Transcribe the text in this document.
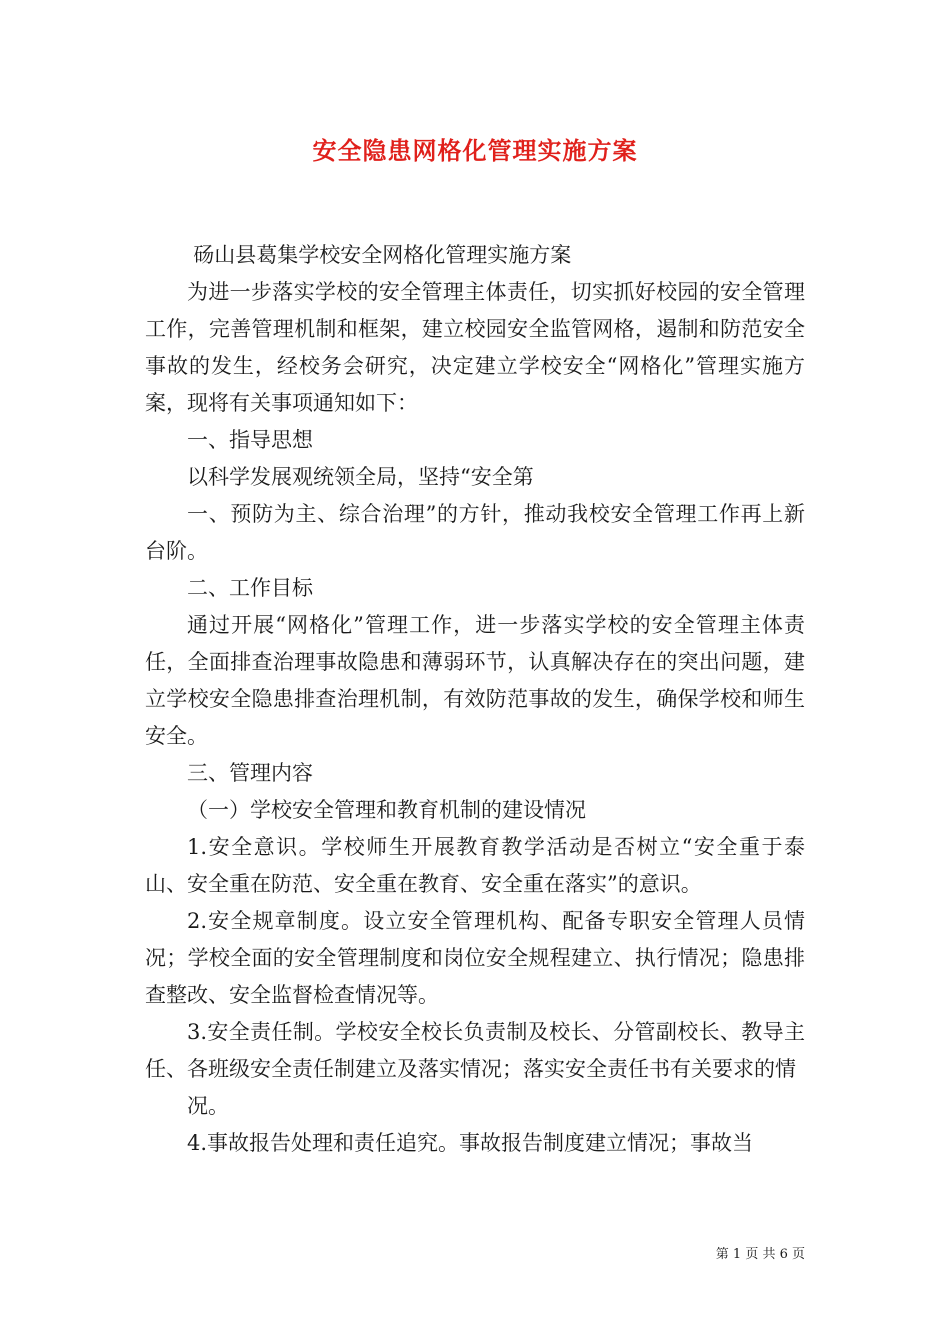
安全隐患网格化管理实施方案

砀山县葛集学校安全网格化管理实施方案

为进一步落实学校的安全管理主体责任，切实抓好校园的安全管理工作，完善管理机制和框架，建立校园安全监管网格，遏制和防范安全事故的发生，经校务会研究，决定建立学校安全“网格化”管理实施方案，现将有关事项通知如下：

一、指导思想

以科学发展观统领全局，坚持“安全第

一、预防为主、综合治理”的方针，推动我校安全管理工作再上新台阶。

二、工作目标

通过开展“网格化”管理工作，进一步落实学校的安全管理主体责任，全面排查治理事故隐患和薄弱环节，认真解决存在的突出问题，建立学校安全隐患排查治理机制，有效防范事故的发生，确保学校和师生安全。

三、管理内容

（一）学校安全管理和教育机制的建设情况

1.安全意识。学校师生开展教育教学活动是否树立“安全重于泰山、安全重在防范、安全重在教育、安全重在落实”的意识。

2.安全规章制度。设立安全管理机构、配备专职安全管理人员情况；学校全面的安全管理制度和岗位安全规程建立、执行情况；隐患排查整改、安全监督检查情况等。

3.安全责任制。学校安全校长负责制及校长、分管副校长、教导主任、各班级安全责任制建立及落实情况；落实安全责任书有关要求的情

况。

4.事故报告处理和责任追究。事故报告制度建立情况；事故当

第 1 页 共 6 页
